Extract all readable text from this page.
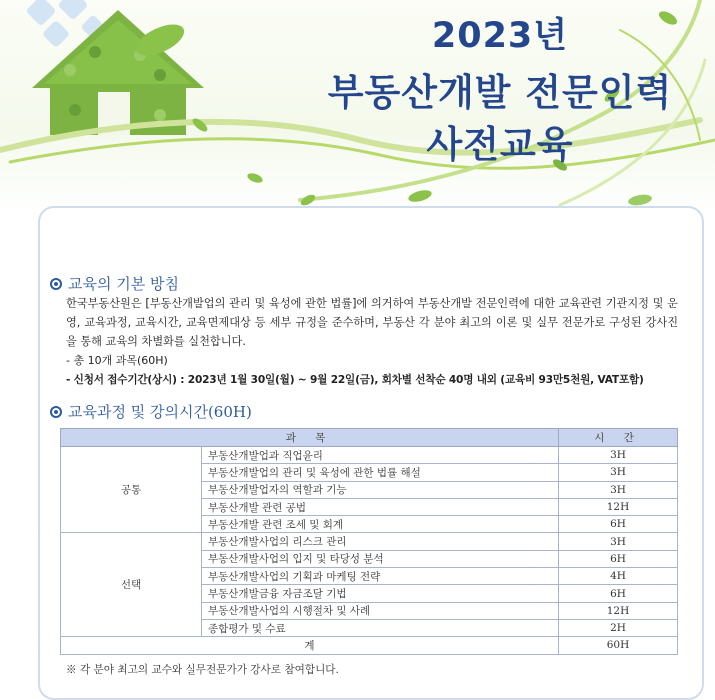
2023년
부동산개발 전문인력
사전교육
교육의 기본 방침
한국부동산원은 [부동산개발업의 관리 및 육성에 관한 법률]에 의거하여 부동산개발 전문인력에 대한 교육관련 기관지정 및 운영, 교육과정, 교육시간, 교육면제대상 등 세부 규정을 준수하며, 부동산 각 분야 최고의 이론 및 실무 전문가로 구성된 강사진을 통해 교육의 차별화를 실천합니다.
- 총 10개 과목(60H)
- 신청서 접수기간(상시) : 2023년 1월 30일(월) ~ 9월 22일(금), 회차별 선착순 40명 내외 (교육비 93만5천원, VAT포함)
교육과정 및 강의시간(60H)
과 목		시 간
공통	부동산개발업과 직업윤리	3H
	부동산개발업의 관리 및 육성에 관한 법률 해설	3H
	부동산개발업자의 역할과 기능	3H
	부동산개발 관련 공법	12H
	부동산개발 관련 조세 및 회계	6H
선택	부동산개발사업의 리스크 관리	3H
	부동산개발사업의 입지 및 타당성 분석	6H
	부동산개발사업의 기획과 마케팅 전략	4H
	부동산개발금융 자금조달 기법	6H
	부동산개발사업의 시행절차 및 사례	12H
	종합평가 및 수료	2H
계		60H
※ 각 분야 최고의 교수와 실무전문가가 강사로 참여합니다.
